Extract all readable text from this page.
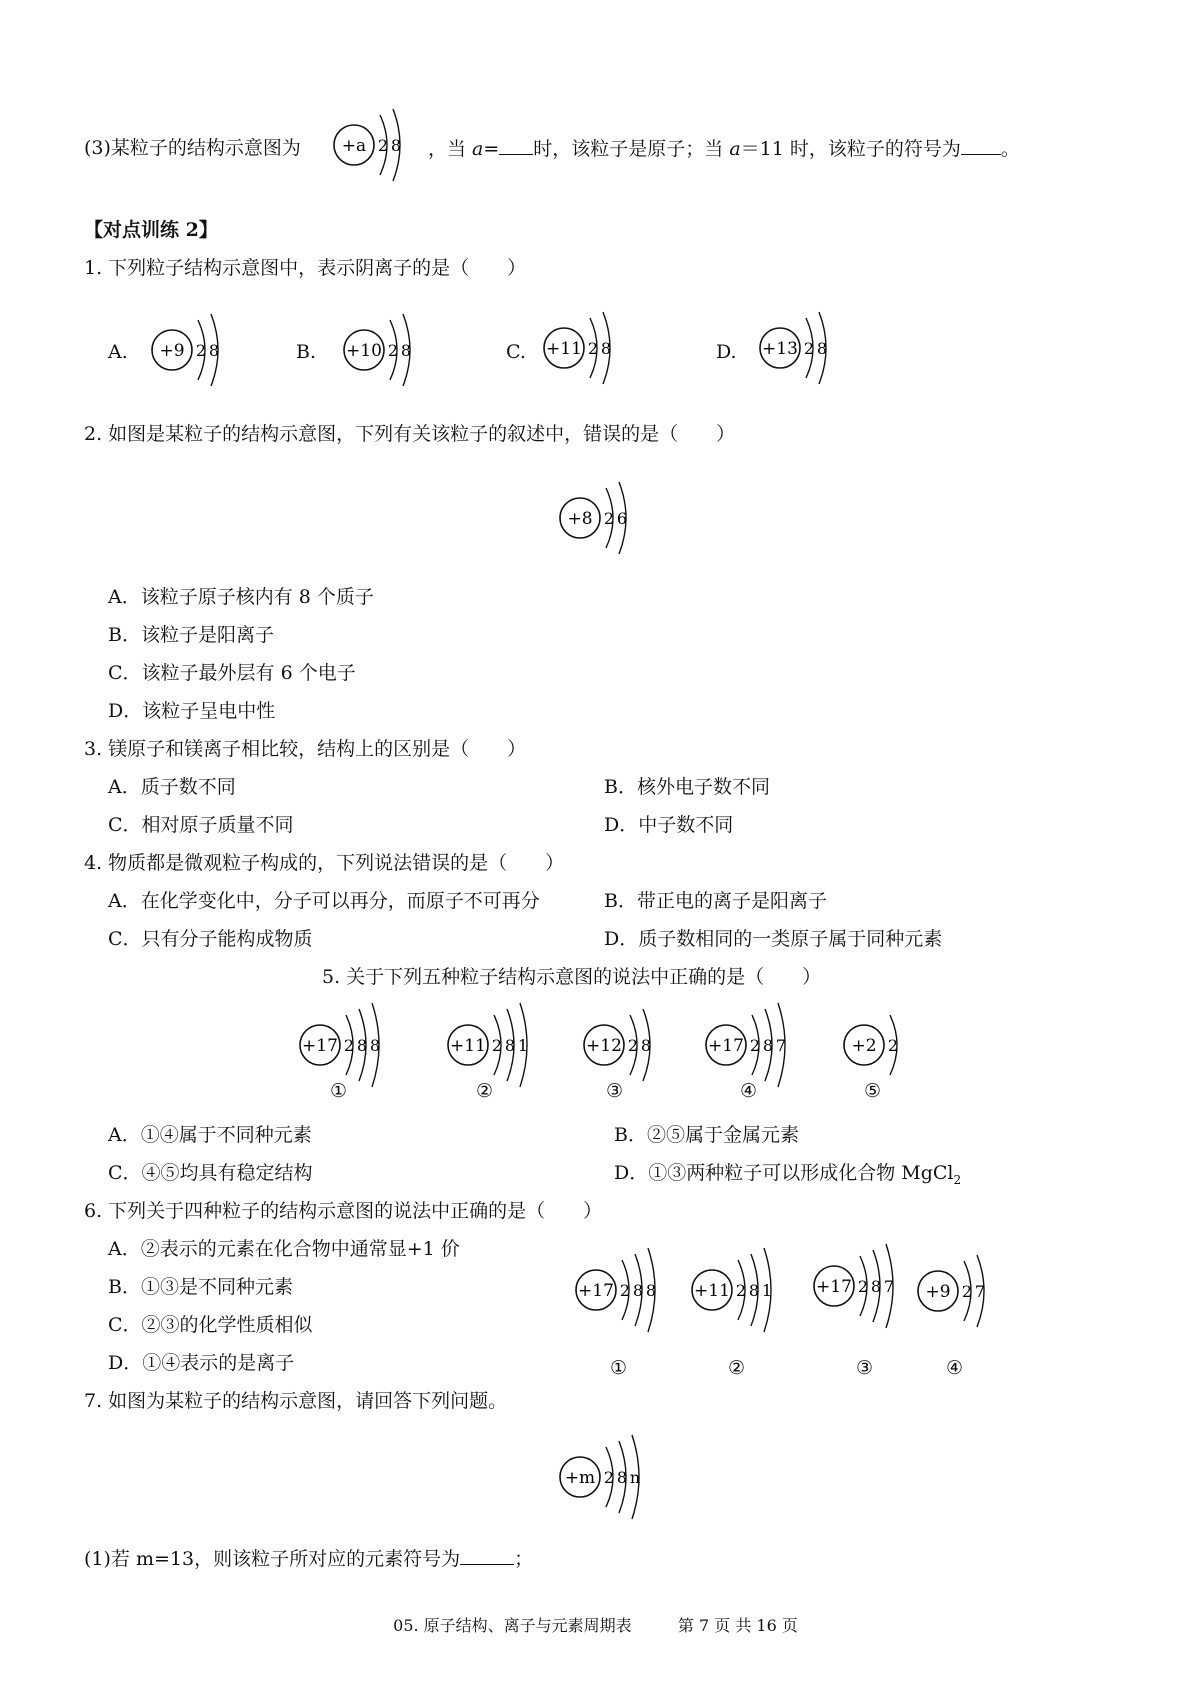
(3)某粒子的结构示意图为 +a 2 8 ，当 a= 时，该粒子是原子；当 a＝11 时，该粒子的符号为 。
【对点训练 2】
1. 下列粒子结构示意图中，表示阴离子的是（　　）
A. +9 2 8	B. +10 2 8	C. +11 2 8	D. +13 2 8
2. 如图是某粒子的结构示意图，下列有关该粒子的叙述中，错误的是（　　）
+8 2 6
A．该粒子原子核内有 8 个质子
B．该粒子是阳离子
C．该粒子最外层有 6 个电子
D．该粒子呈电中性
3. 镁原子和镁离子相比较，结构上的区别是（　　）
A．质子数不同	B．核外电子数不同
C．相对原子质量不同	D．中子数不同
4. 物质都是微观粒子构成的，下列说法错误的是（　　）
A．在化学变化中，分子可以再分，而原子不可再分	B．带正电的离子是阳离子
C．只有分子能构成物质	D．质子数相同的一类原子属于同种元素
5. 关于下列五种粒子结构示意图的说法中正确的是（　　）
+17 2 8 8	+11 2 8 1	+12 2 8	+17 2 8 7	+2 2
①	②	③	④	⑤
A．①④属于不同种元素	B．②⑤属于金属元素
C．④⑤均具有稳定结构	D．①③两种粒子可以形成化合物 MgCl$_2$
6. 下列关于四种粒子的结构示意图的说法中正确的是（　　）
A．②表示的元素在化合物中通常显+1 价
B．①③是不同种元素
C．②③的化学性质相似
D．①④表示的是离子
+17 2 8 8 +11 2 8 1	+17 2 8 7 +9 2 7
①	②	③	④
7. 如图为某粒子的结构示意图，请回答下列问题。
+m 2 8 n
(1)若 m=13，则该粒子所对应的元素符号为	；
05. 原子结构、离子与元素周期表	第 7 页 共 16 页
